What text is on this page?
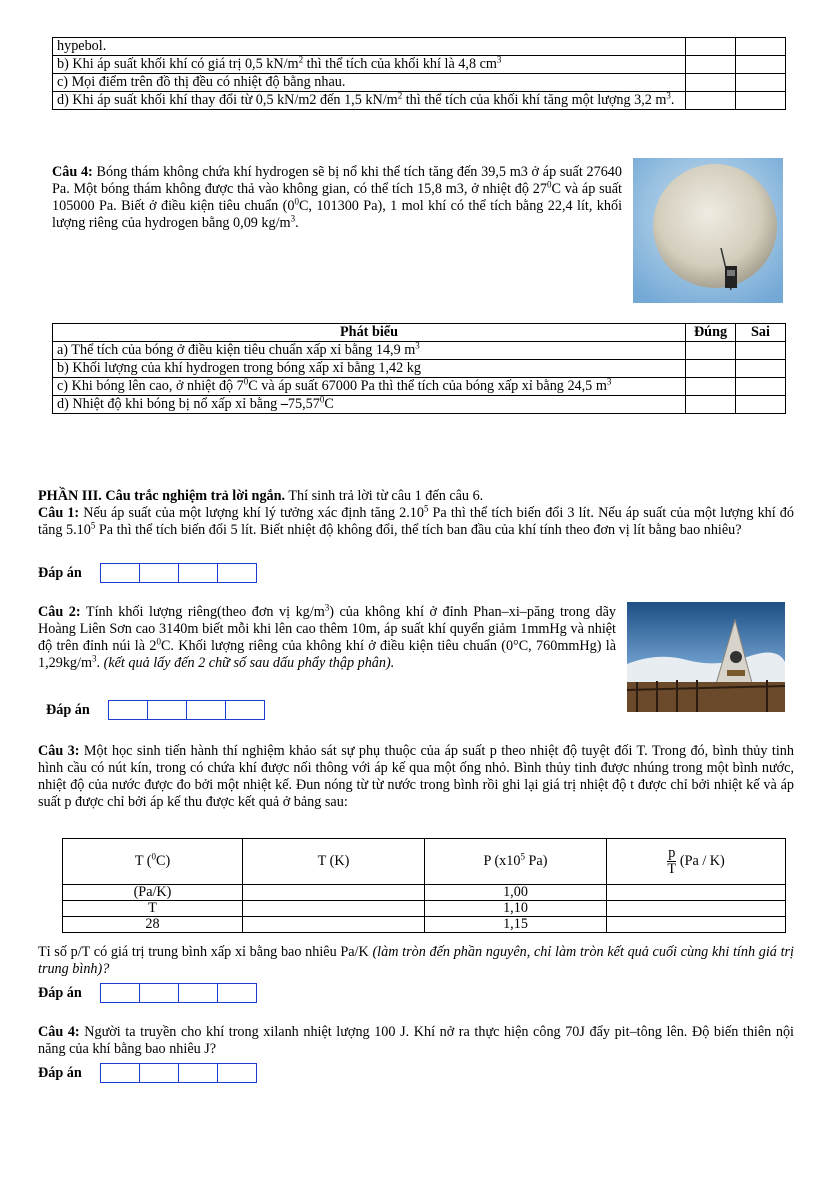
hypebol.		
b) Khi áp suất khối khí có giá trị 0,5 $kN/m^2$ thì thể tích của khối khí là 4,8 $cm^3$		
c) Mọi điểm trên đồ thị đều có nhiệt độ bằng nhau.		
d) Khi áp suất khối khí thay đổi từ 0,5 kN/m2 đến 1,5 $kN/m^2$ thì thể tích của khối khí tăng một lượng 3,2 $m^3$.		
Câu 4: Bóng thám không chứa khí hydrogen sẽ bị nổ khi thể tích tăng đến 39,5 m3 ở áp suất 27640 Pa. Một bóng thám không được thả vào không gian, có thể tích 15,8 m3, ở nhiệt độ $27^0C$ và áp suất 105000 Pa. Biết ở điều kiện tiêu chuẩn ($0^0C$, 101300 Pa), 1 mol khí có thể tích bằng 22,4 lít, khối lượng riêng của hydrogen bằng 0,09 $kg/m^3$.
Phát biểu	Đúng	Sai
a) Thể tích của bóng ở điều kiện tiêu chuẩn xấp xỉ bằng 14,9 $m^3$		
b) Khối lượng của khí hydrogen trong bóng xấp xỉ bằng 1,42 kg		
c) Khi bóng lên cao, ở nhiệt độ $7^0C$ và áp suất 67000 Pa thì thể tích của bóng xấp xỉ bằng 24,5 $m^3$		
d) Nhiệt độ khi bóng bị nổ xấp xỉ bằng –75,57$^0$C		
PHẦN III. Câu trắc nghiệm trả lời ngắn. Thí sinh trả lời từ câu 1 đến câu 6.
Câu 1: Nếu áp suất của một lượng khí lý tưởng xác định tăng 2.10$^5$ Pa thì thể tích biến đổi 3 lít. Nếu áp suất của một lượng khí đó tăng 5.10$^5$ Pa thì thể tích biến đổi 5 lít. Biết nhiệt độ không đổi, thể tích ban đầu của khí tính theo đơn vị lít bằng bao nhiêu?
Đáp án
Câu 2: Tính khối lượng riêng(theo đơn vị $kg/m^3$) của không khí ở đỉnh Phan–xi–păng trong dãy Hoàng Liên Sơn cao 3140m biết mỗi khi lên cao thêm 10m, áp suất khí quyển giảm 1mmHg và nhiệt độ trên đỉnh núi là $2^0C$. Khối lượng riêng của không khí ở điều kiện tiêu chuẩn (0°C, 760mmHg) là $1,29kg/m^3$. (kết quả lấy đến 2 chữ số sau dấu phẩy thập phân).
Đáp án
Câu 3: Một học sinh tiến hành thí nghiệm khảo sát sự phụ thuộc của áp suất p theo nhiệt độ tuyệt đối T. Trong đó, bình thủy tinh hình cầu có nút kín, trong có chứa khí được nối thông với áp kế qua một ống nhỏ. Bình thủy tinh được nhúng trong một bình nước, nhiệt độ của nước được đo bởi một nhiệt kế. Đun nóng từ từ nước trong bình rồi ghi lại giá trị nhiệt độ t được chỉ bởi nhiệt kế và áp suất p được chỉ bởi áp kế thu được kết quả ở bảng sau:
T ($^0$C)	T (K)	P ($x10^5$ Pa)	$\frac{p}{T} (Pa / K)$
(Pa/K)		1,00	
T		1,10	
28		1,15	
Tỉ số p/T có giá trị trung bình xấp xỉ bằng bao nhiêu Pa/K (làm tròn đến phần nguyên, chỉ làm tròn kết quả cuối cùng khi tính giá trị trung bình)?
Đáp án
Câu 4: Người ta truyền cho khí trong xilanh nhiệt lượng 100 J. Khí nở ra thực hiện công 70J đẩy pit–tông lên. Độ biến thiên nội năng của khí bằng bao nhiêu J?
Đáp án
